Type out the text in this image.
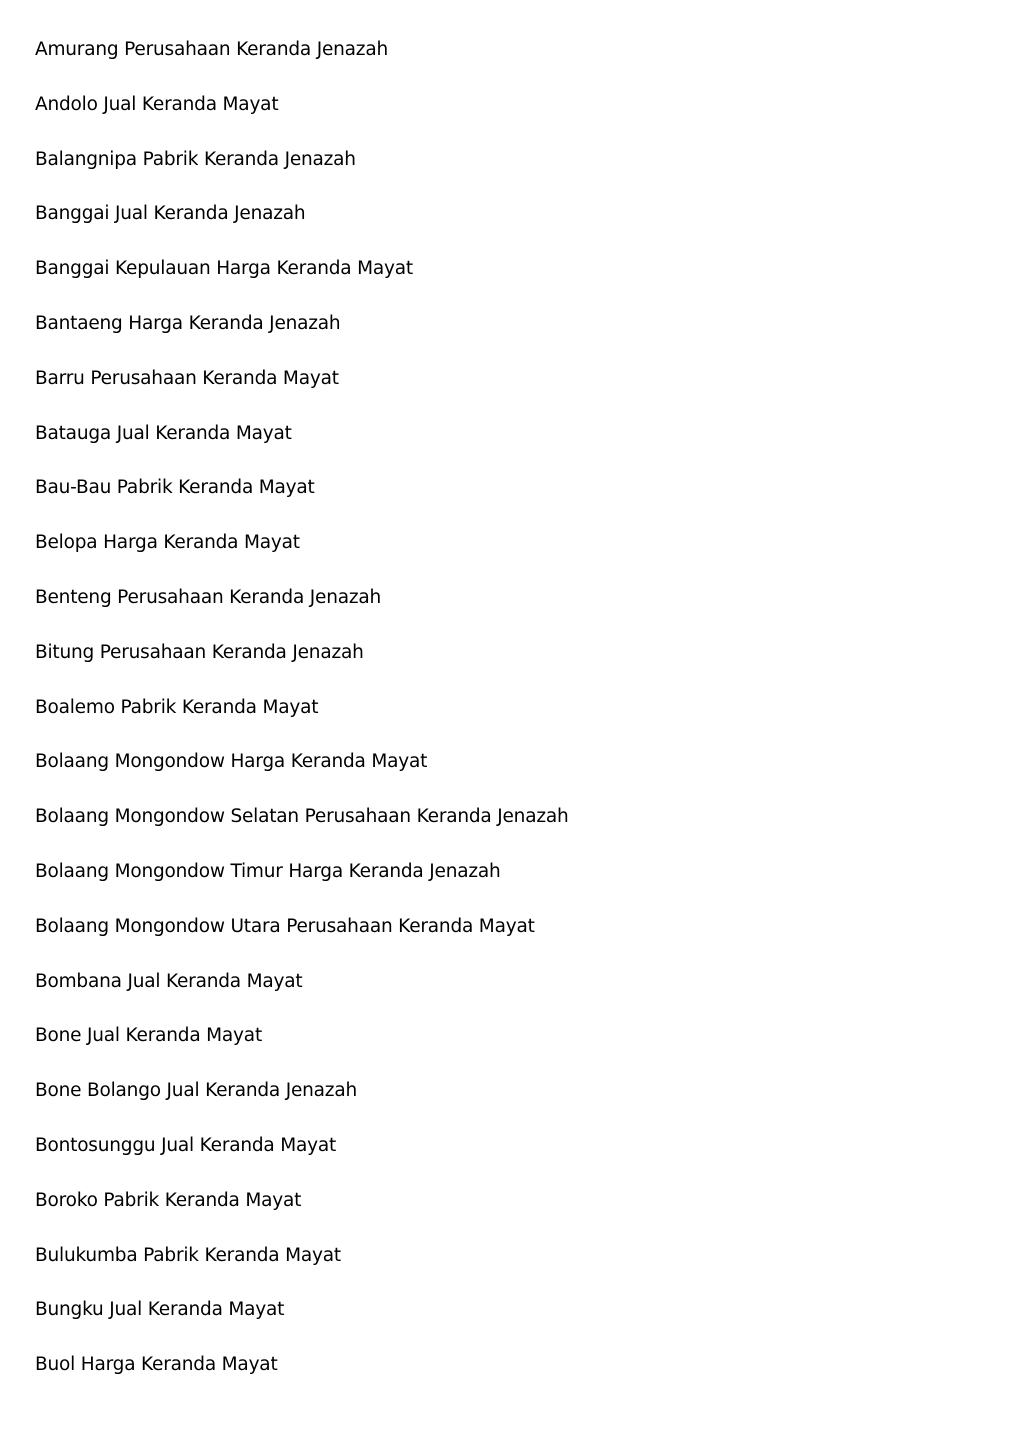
Amurang Perusahaan Keranda Jenazah
Andolo Jual Keranda Mayat
Balangnipa Pabrik Keranda Jenazah
Banggai Jual Keranda Jenazah
Banggai Kepulauan Harga Keranda Mayat
Bantaeng Harga Keranda Jenazah
Barru Perusahaan Keranda Mayat
Batauga Jual Keranda Mayat
Bau-Bau Pabrik Keranda Mayat
Belopa Harga Keranda Mayat
Benteng Perusahaan Keranda Jenazah
Bitung Perusahaan Keranda Jenazah
Boalemo Pabrik Keranda Mayat
Bolaang Mongondow Harga Keranda Mayat
Bolaang Mongondow Selatan Perusahaan Keranda Jenazah
Bolaang Mongondow Timur Harga Keranda Jenazah
Bolaang Mongondow Utara Perusahaan Keranda Mayat
Bombana Jual Keranda Mayat
Bone Jual Keranda Mayat
Bone Bolango Jual Keranda Jenazah
Bontosunggu Jual Keranda Mayat
Boroko Pabrik Keranda Mayat
Bulukumba Pabrik Keranda Mayat
Bungku Jual Keranda Mayat
Buol Harga Keranda Mayat
